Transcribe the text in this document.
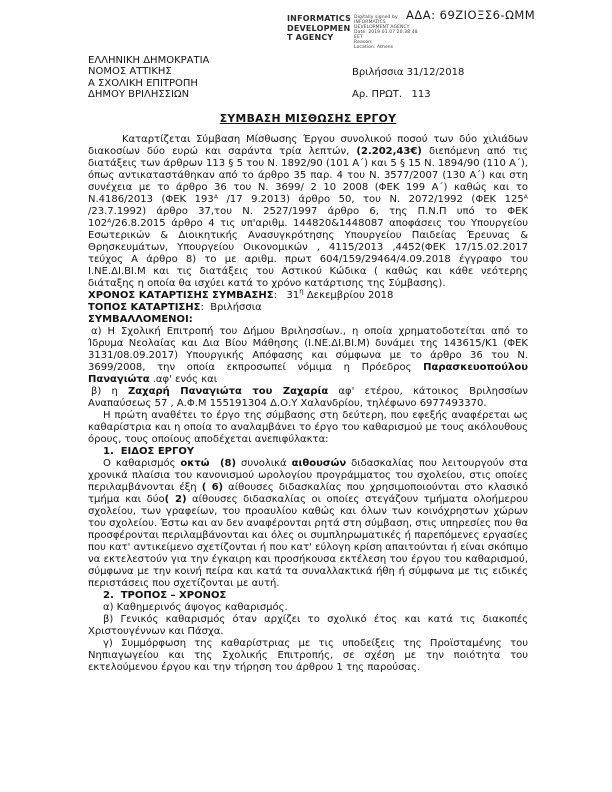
ΑΔΑ: 69ΖΙΟΞΣ6-ΩΜΜ
INFORMATICS
DEVELOPMEN
T AGENCY
Digitally signed by
INFORMATICS
DEVELOPMENT AGENCY
Date: 2019.01.07 20:38:48
EET
Reason:
Location: Athens
ΕΛΛΗΝΙΚΗ ΔΗΜΟΚΡΑΤΙΑ
ΝΟΜΟΣ ΑΤΤΙΚΗΣ
Α ΣΧΟΛΙΚΗ ΕΠΙΤΡΟΠΗ
ΔΗΜΟΥ ΒΡΙΛΗΣΣΙΩΝ
Βριλήσσια 31/12/2018
Αρ. ΠΡΩΤ.   113
ΣΥΜΒΑΣΗ ΜΙΣΘΩΣΗΣ ΕΡΓΟΥ

Καταρτίζεται Σύμβαση Μίσθωσης Έργου συνολικού ποσού των δύο χιλιάδων διακοσίων δύο ευρώ και σαράντα τρία λεπτών, (2.202,43€) διεπόμενη από τις διατάξεις των άρθρων 113 § 5 του Ν. 1892/90 (101 Α΄) και 5 § 15 Ν. 1894/90 (110 Α΄), όπως αντικαταστάθηκαν από το άρθρο 35 παρ. 4 του Ν. 3577/2007 (130 Α΄) και στη συνέχεια με το άρθρο 36 του Ν. 3699/ 2 10 2008 (ΦΕΚ 199 Α΄) καθώς και το Ν.4186/2013 (ΦΕΚ 193ᴬ /17 9.2013) άρθρο 50, του Ν. 2072/1992 (ΦΕΚ 125ᴬ /23.7.1992) άρθρο 37,του Ν. 2527/1997 άρθρο 6, της Π.Ν.Π υπό το ΦΕΚ 102ᴬ/26.8.2015 άρθρο 4 τις υπ'αριθμ. 144820&1448087 αποφάσεις του Υπουργείου Εσωτερικών & Διοικητικής Ανασυγκρότησης Υπουργείου Παιδείας Έρευνας & Θρησκευμάτων, Υπουργείου Οικονομικών , 4115/2013 ,4452(ΦΕΚ 17/15.02.2017 τεύχος Α άρθρο 8) το με αριθμ. πρωτ 604/159/29464/4.09.2018 έγγραφο του Ι.ΝΕ.ΔΙ.ΒΙ.Μ και τις διατάξεις του Αστικού Κώδικα ( καθώς και κάθε νεότερης διάταξης η οποία θα ισχύει κατά το χρόνο κατάρτισης της Σύμβασης).

ΧΡΟΝΟΣ ΚΑΤΑΡΤΙΣΗΣ ΣΥΜΒΑΣΗΣ:   $31^\eta$ Δεκεμβρίου 2018

ΤΟΠΟΣ ΚΑΤΑΡΤΙΣΗΣ:  Βριλήσσια

ΣΥΜΒΑΛΛΟΜΕΝΟΙ:

α) Η Σχολική Επιτροπή του Δήμου Βριλησσίων., η οποία χρηματοδοτείται από το Ίδρυμα Νεολαίας και Δια Βίου Μάθησης (Ι.ΝΕ.ΔΙ.ΒΙ.Μ) δυνάμει της 143615/Κ1 (ΦΕΚ 3131/08.09.2017) Υπουργικής Απόφασης και σύμφωνα με το άρθρο 36 του Ν. 3699/2008, την οποία εκπροσωπεί νόμιμα η Πρόεδρος Παρασκευοπούλου Παναγιώτα .αφ' ενός και

β) η Ζαχαρή Παναγιώτα του Ζαχαρία αφ' ετέρου, κάτοικος Βριλησσίων Αναπαύσεως 57 , Α.Φ.Μ 155191304 Δ.Ο.Υ Χαλανδρίου, τηλέφωνο 6977493370.

Η πρώτη αναθέτει το έργο της σύμβασης στη δεύτερη, που εφεξής αναφέρεται ως καθαρίστρια και η οποία το αναλαμβάνει το έργο του καθαρισμού με τους ακόλουθους όρους, τους οποίους αποδέχεται ανεπιφύλακτα:

1.  ΕΙΔΟΣ ΕΡΓΟΥ

Ο καθαρισμός οκτώ  (8) συνολικά αιθουσών διδασκαλίας που λειτουργούν στα χρονικά πλαίσια του κανονισμού ωρολογίου προγράμματος του σχολείου, στις οποίες περιλαμβάνονται έξη ( 6) αίθουσες διδασκαλίας που χρησιμοποιούνται στο κλασικό τμήμα και δύο( 2) αίθουσες διδασκαλίας οι οποίες στεγάζουν τμήματα ολοήμερου σχολείου, των γραφείων, του προαυλίου καθώς και όλων των κοινόχρηστων χώρων του σχολείου. Έστω και αν δεν αναφέρονται ρητά στη σύμβαση, στις υπηρεσίες που θα προσφέρονται περιλαμβάνονται και όλες οι συμπληρωματικές ή παρεπόμενες εργασίες που κατ' αντικείμενο σχετίζονται ή που κατ' εύλογη κρίση απαιτούνται ή είναι σκόπιμο να εκτελεστούν για την έγκαιρη και προσήκουσα εκτέλεση του έργου του καθαρισμού, σύμφωνα με την κοινή πείρα και κατά τα συναλλακτικά ήθη ή σύμφωνα με τις ειδικές περιστάσεις που σχετίζονται με αυτή.

2.  ΤΡΟΠΟΣ – ΧΡΟΝΟΣ

α) Καθημερινός άψογος καθαρισμός.

β) Γενικός καθαρισμός όταν αρχίζει το σχολικό έτος και κατά τις διακοπές Χριστουγέννων και Πάσχα.

γ) Συμμόρφωση της καθαρίστριας με τις υποδείξεις της Προϊσταμένης του Νηπιαγωγείου και της Σχολικής Επιτροπής, σε σχέση με την ποιότητα του εκτελούμενου έργου και την τήρηση του άρθρου 1 της παρούσας.
